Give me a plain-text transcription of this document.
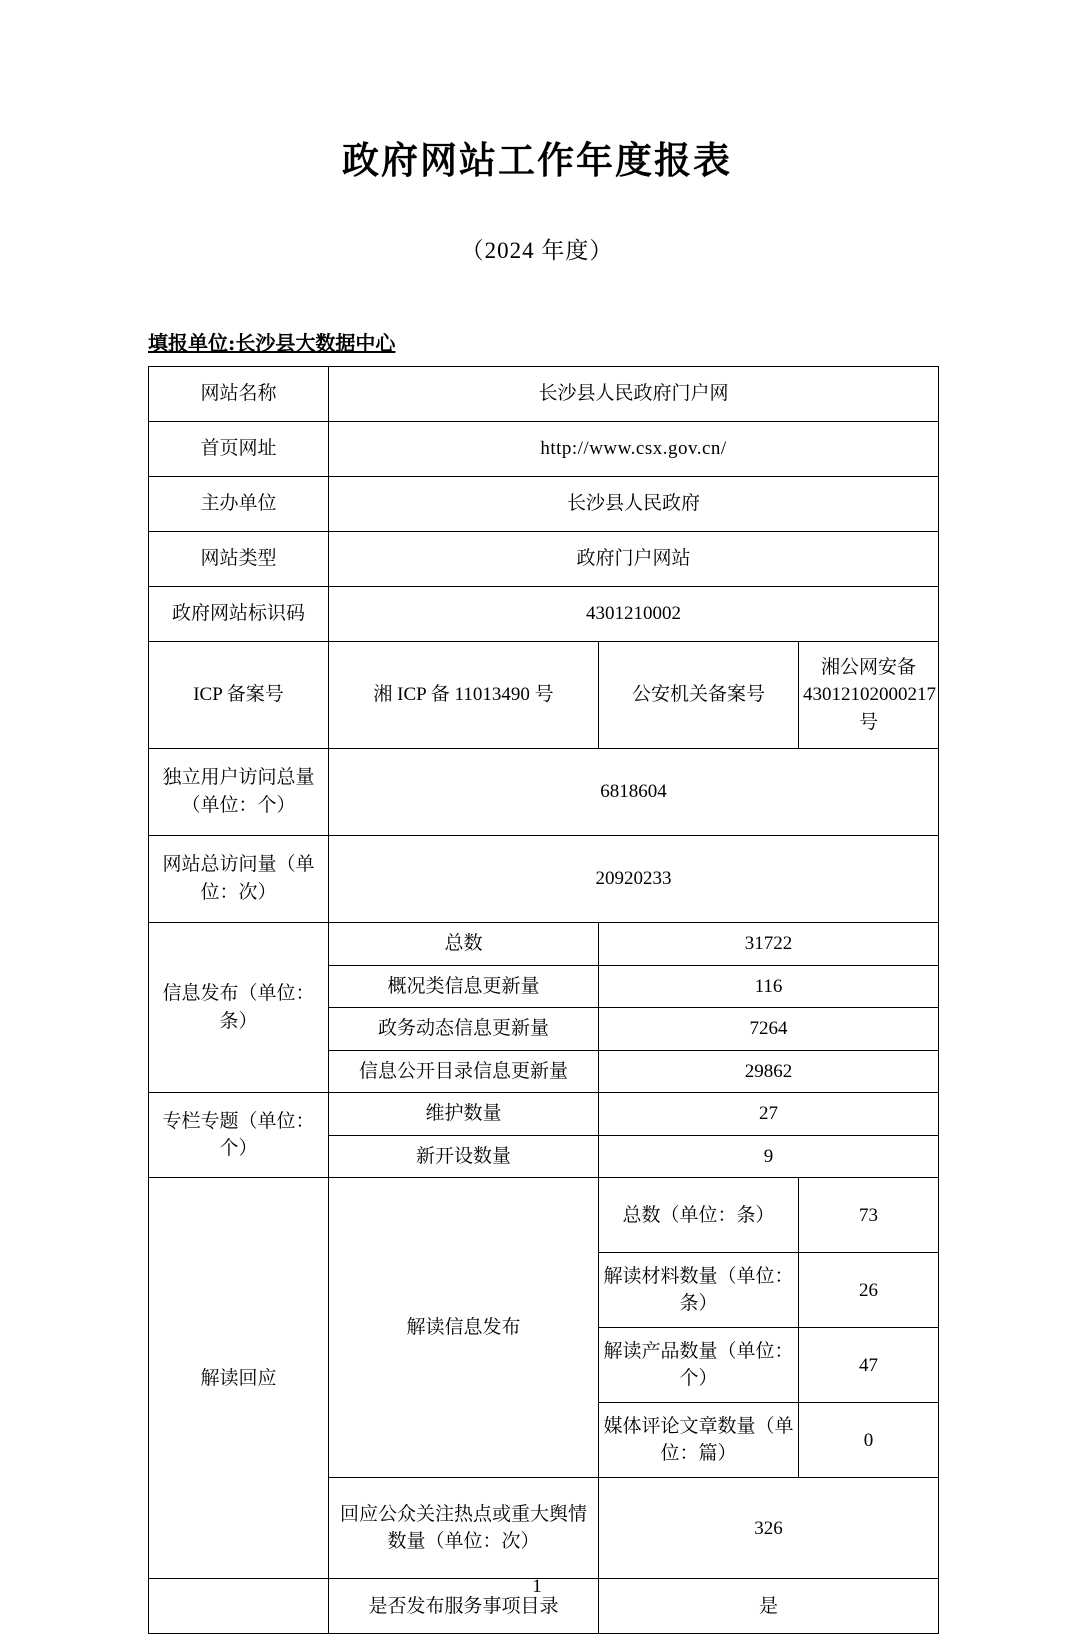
政府网站工作年度报表
（2024 年度）
填报单位:长沙县大数据中心
网站名称	长沙县人民政府门户网		
首页网址	http://www.csx.gov.cn/		
主办单位	长沙县人民政府		
网站类型	政府门户网站		
政府网站标识码	4301210002		
ICP 备案号	湘 ICP 备 11013490 号	公安机关备案号	湘公网安备 43012102000217 号
独立用户访问总量（单位：个）	6818604		
网站总访问量（单位：次）	20920233		
信息发布（单位：条）	总数	31722	
	概况类信息更新量	116	
	政务动态信息更新量	7264	
	信息公开目录信息更新量	29862	
专栏专题（单位：个）	维护数量	27	
	新开设数量	9	
解读回应	解读信息发布	总数（单位：条）	73
		解读材料数量（单位：条）	26
		解读产品数量（单位：个）	47
		媒体评论文章数量（单位：篇）	0
	回应公众关注热点或重大舆情数量（单位：次）	326	
	是否发布服务事项目录	是	
1
